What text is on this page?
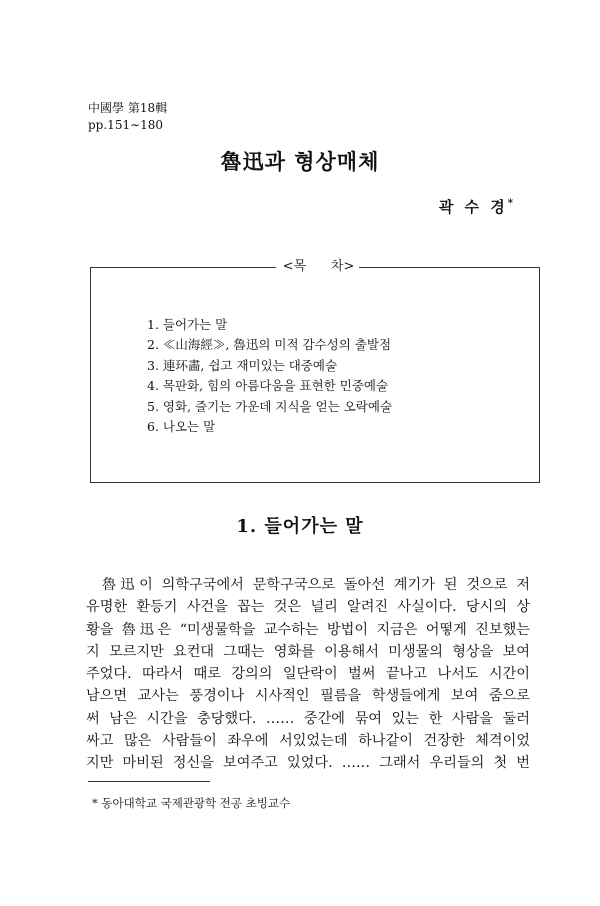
中國學 第18輯
pp.151∼180
魯迅과 형상매체
곽 수 경*
<목      차>
1. 들어가는 말
2. ≪山海經≫, 魯迅의 미적 감수성의 출발점
3. 連环畵, 쉽고 재미있는 대중예술
4. 목판화, 힘의 아름다움을 표현한 민중예술
5. 영화, 즐기는 가운데 지식을 얻는 오락예술
6. 나오는 말
1. 들어가는 말
魯迅이 의학구국에서 문학구국으로 돌아선 계기가 된 것으로 저
유명한 환등기 사건을 꼽는 것은 널리 알려진 사실이다. 당시의 상
황을 魯迅은 “미생물학을 교수하는 방법이 지금은 어떻게 진보했는
지 모르지만 요컨대 그때는 영화를 이용해서 미생물의 형상을 보여
주었다. 따라서 때로 강의의 일단락이 벌써 끝나고 나서도 시간이
남으면 교사는 풍경이나 시사적인 필름을 학생들에게 보여 줌으로
써 남은 시간을 충당했다. …… 중간에 묶여 있는 한 사람을 둘러
싸고 많은 사람들이 좌우에 서있었는데 하나같이 건장한 체격이었
지만 마비된 정신을 보여주고 있었다. …… 그래서 우리들의 첫 번
* 동아대학교 국제관광학 전공 초빙교수
